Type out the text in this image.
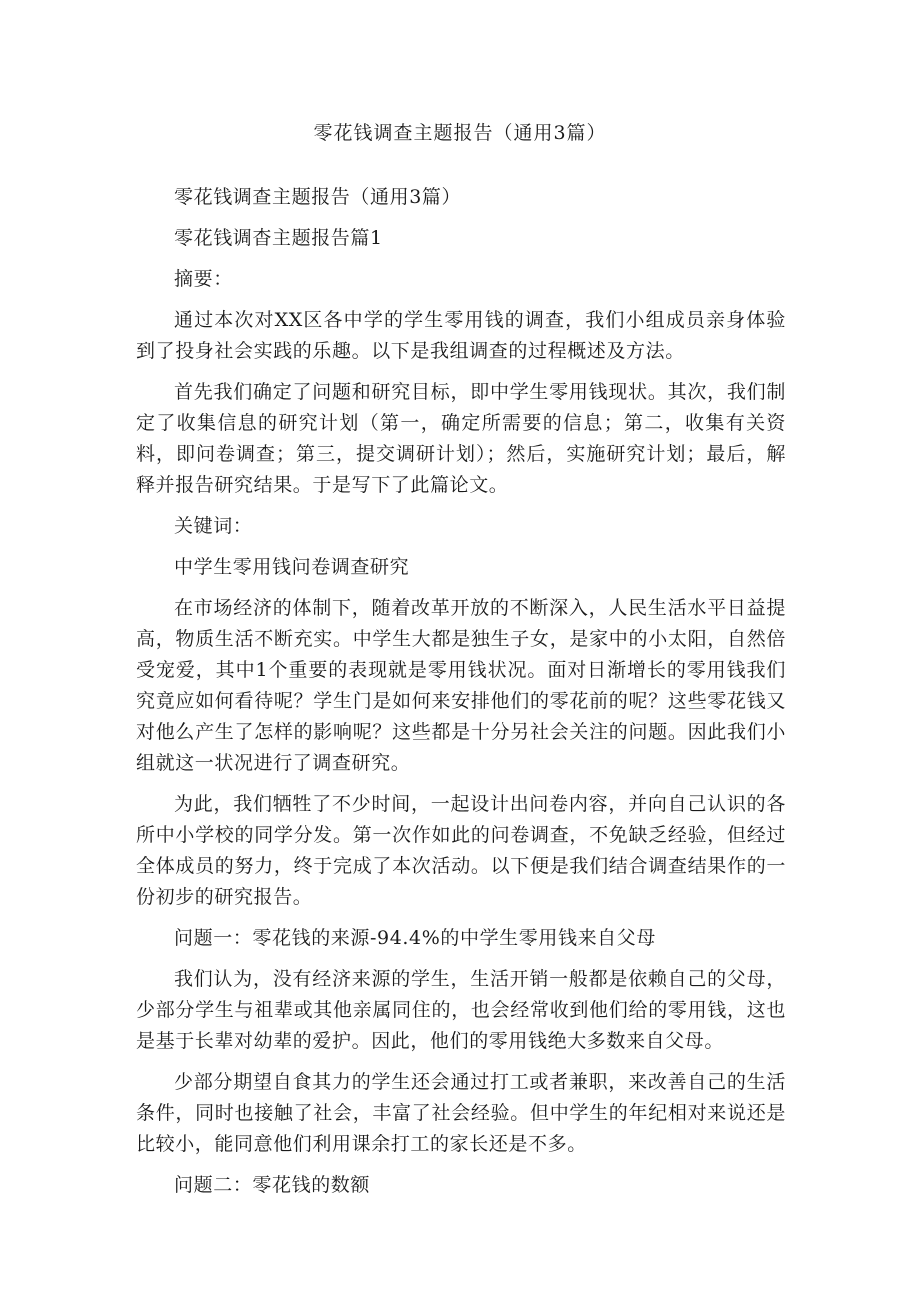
零花钱调查主题报告（通用3篇）

零花钱调查主题报告（通用3篇）

零花钱调杳主题报告篇1

摘要：

通过本次对XX区各中学的学生零用钱的调查，我们小组成员亲身体验到了投身社会实践的乐趣。以下是我组调查的过程概述及方法。

首先我们确定了问题和研究目标，即中学生零用钱现状。其次，我们制定了收集信息的研究计划（第一，确定所需要的信息；第二，收集有关资料，即问卷调查；第三，提交调研计划）；然后，实施研究计划；最后，解释并报告研究结果。于是写下了此篇论文。

关键词：

中学生零用钱问卷调查研究

在市场经济的体制下，随着改革开放的不断深入，人民生活水平日益提高，物质生活不断充实。中学生大都是独生子女，是家中的小太阳，自然倍受宠爱，其中1个重要的表现就是零用钱状况。面对日渐增长的零用钱我们究竟应如何看待呢？学生门是如何来安排他们的零花前的呢？这些零花钱又对他么产生了怎样的影响呢？这些都是十分另社会关注的问题。因此我们小组就这一状况进行了调查研究。

为此，我们牺牲了不少时间，一起设计出问卷内容，并向自己认识的各所中小学校的同学分发。第一次作如此的问卷调查，不免缺乏经验，但经过全体成员的努力，终于完成了本次活动。以下便是我们结合调查结果作的一份初步的研究报告。

问题一：零花钱的来源-94.4%的中学生零用钱来自父母

我们认为，没有经济来源的学生，生活开销一般都是依赖自己的父母，少部分学生与祖辈或其他亲属同住的，也会经常收到他们给的零用钱，这也是基于长辈对幼辈的爱护。因此，他们的零用钱绝大多数来自父母。

少部分期望自食其力的学生还会通过打工或者兼职，来改善自己的生活条件，同时也接触了社会，丰富了社会经验。但中学生的年纪相对来说还是比较小，能同意他们利用课余打工的家长还是不多。

问题二：零花钱的数额
